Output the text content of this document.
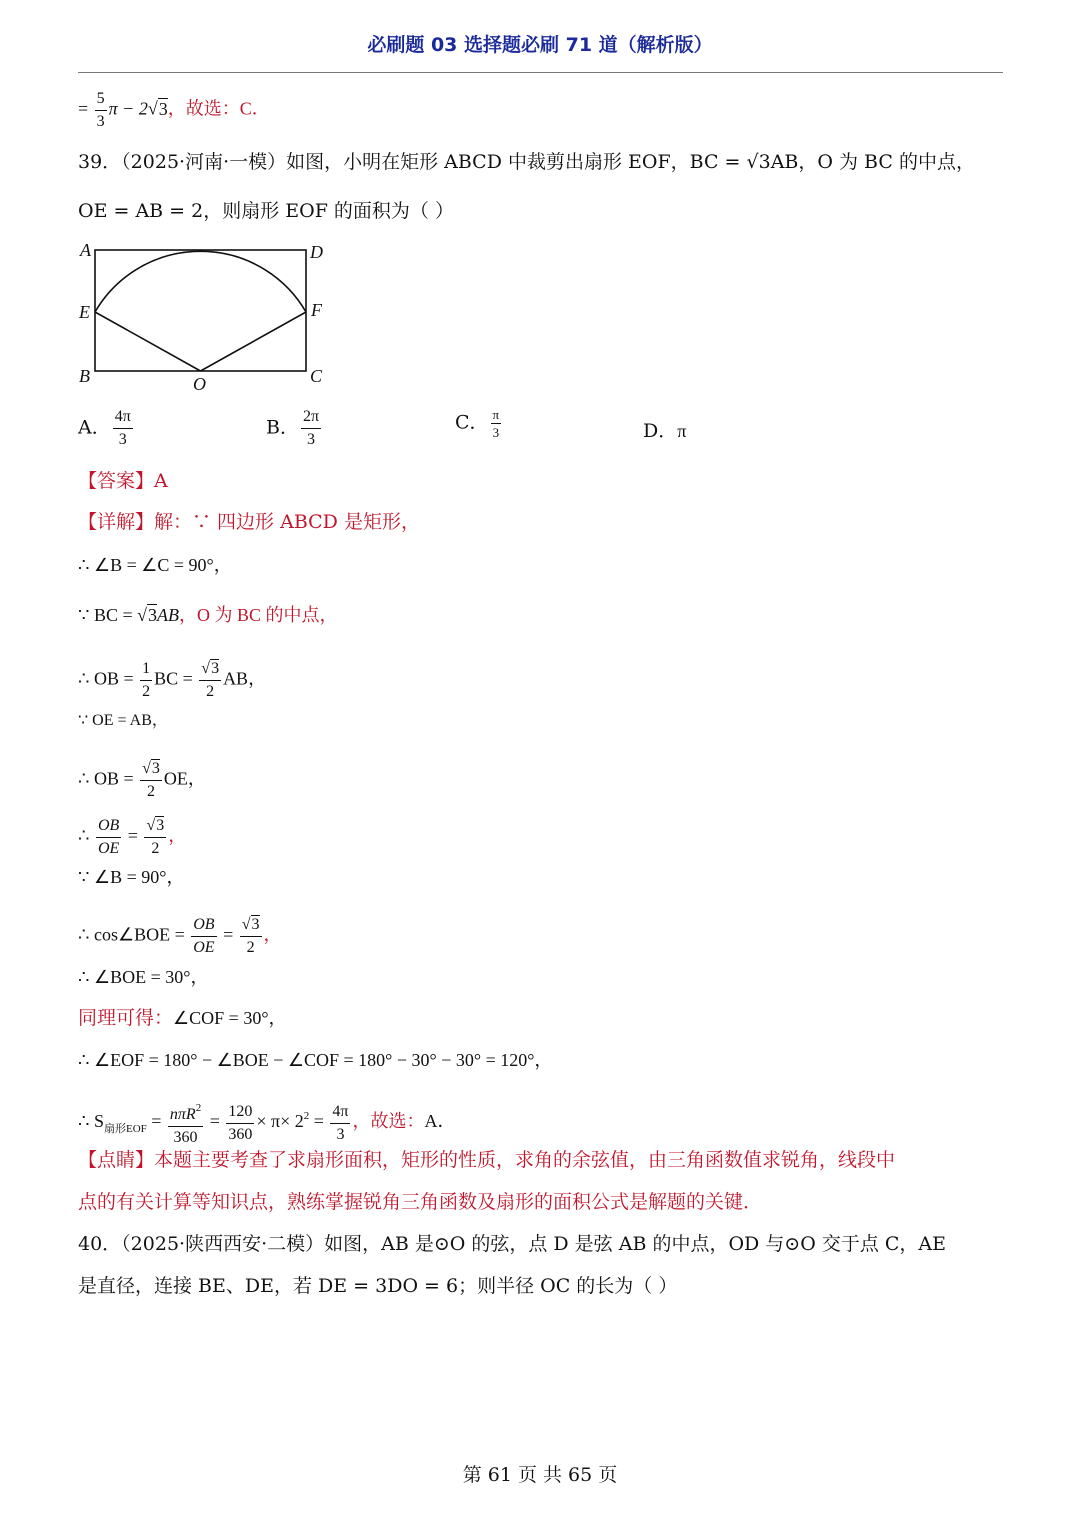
必刷题 03 选择题必刷 71 道（解析版）
= $\frac{5}{3}$ π − 2√3，故选：C．
39．（2025·河南·一模）如图，小明在矩形 ABCD 中裁剪出扇形 EOF，BC = √3AB，O 为 BC 的中点，
OE = AB = 2，则扇形 EOF 的面积为（ ）
A	D
E	F
B	O	C
A． $\frac{4\pi}{3}$	B． $\frac{2\pi}{3}$	C． $\frac{\pi}{3}$	D．π
【答案】A
【详解】解：∵ 四边形 ABCD 是矩形，
∴ ∠B = ∠C = 90°，
∵ BC = √3AB，O 为 BC 的中点，
∴ OB = $\frac{1}{2}$ BC = $\frac{√3}{2}$ AB，
∵ OE = AB，
∴ OB = $\frac{√3}{2}$ OE，
∴ $\frac{OB}{OE} = \frac{√3}{2}$ ，
∵ ∠B = 90°，
∴ cos∠BOE = $\frac{OB}{OE} = \frac{√3}{2}$ ，
∴ ∠BOE = 30°，
同理可得：∠COF = 30°，
∴ ∠EOF = 180° − ∠BOE − ∠COF = 180° − 30° − 30° = 120°，
∴ $S_{扇形EOF} = \frac{n\pi R^2}{360} = \frac{120}{360} \times \pi\times 2^2 = \frac{4\pi}{3}$ ，故选：A．
【点睛】本题主要考查了求扇形面积，矩形的性质，求角的余弦值，由三角函数值求锐角，线段中
点的有关计算等知识点，熟练掌握锐角三角函数及扇形的面积公式是解题的关键．
40．（2025·陕西西安·二模）如图，AB 是⊙O 的弦，点 D 是弦 AB 的中点，OD 与⊙O 交于点 C，AE
是直径，连接 BE、DE，若 DE = 3DO = 6；则半径 OC 的长为（ ）
第 61 页 共 65 页
